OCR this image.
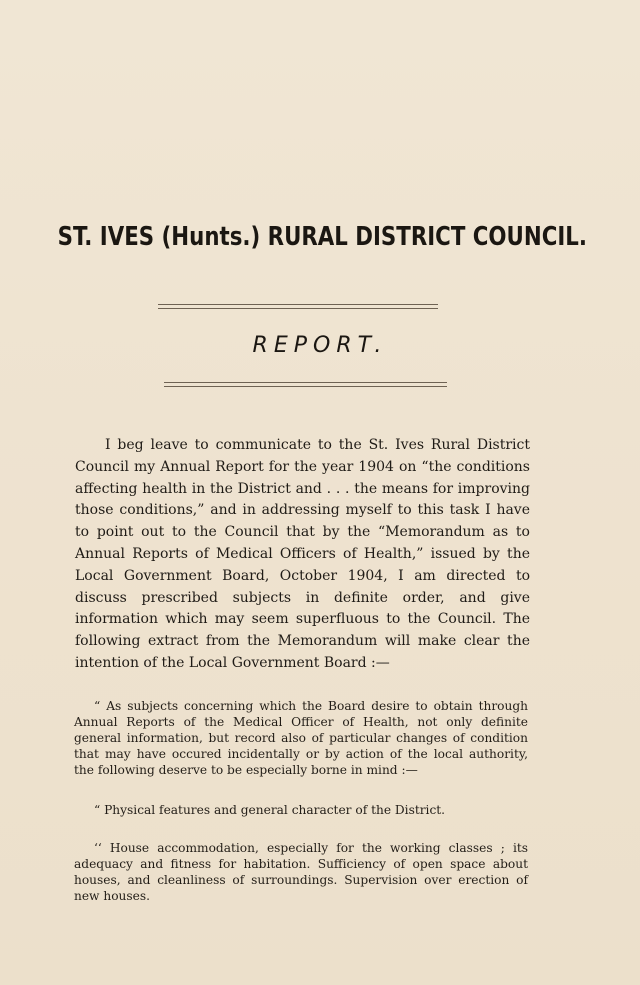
ST. IVES (Hunts.) RURAL DISTRICT COUNCIL.
REPORT.

I beg leave to communicate to the St. Ives Rural District Council my Annual Report for the year 1904 on “the conditions affecting health in the District and . . . the means for improving those conditions,” and in addressing myself to this task I have to point out to the Council that by the “Memorandum as to Annual Reports of Medical Officers of Health,” issued by the Local Government Board, October 1904, I am directed to discuss prescribed subjects in definite order, and give information which may seem superfluous to the Council. The following extract from the Memorandum will make clear the intention of the Local Government Board :—

“ As subjects concerning which the Board desire to obtain through Annual Reports of the Medical Officer of Health, not only definite general information, but record also of particular changes of condition that may have occured incidentally or by action of the local authority, the following deserve to be especially borne in mind :—

“ Physical features and general character of the District.

‘‘ House accommodation, especially for the working classes ; its adequacy and fitness for habitation. Sufficiency of open space about houses, and cleanliness of surroundings. Supervision over erection of new houses.
